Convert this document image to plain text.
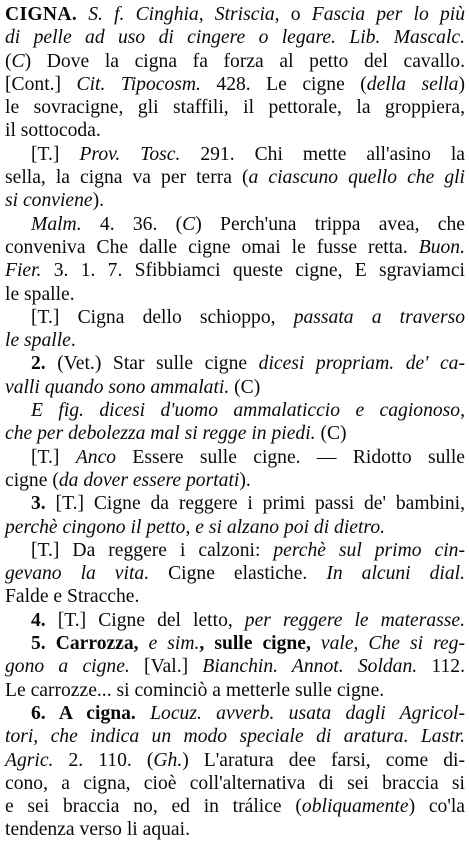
CIGNA. S. f. Cinghia, Striscia, o Fascia per lo più
di pelle ad uso di cingere o legare. Lib. Mascalc.
(C) Dove la cigna fa forza al petto del cavallo.
[Cont.] Cit. Tipocosm. 428. Le cigne (della sella)
le sovracigne, gli staffili, il pettorale, la groppiera,
il sottocoda.
[T.] Prov. Tosc. 291. Chi mette all'asino la
sella, la cigna va per terra (a ciascuno quello che gli
si conviene).
Malm. 4. 36. (C) Perch'una trippa avea, che
conveniva Che dalle cigne omai le fusse retta. Buon.
Fier. 3. 1. 7. Sfibbiamci queste cigne, E sgraviamci
le spalle.
[T.] Cigna dello schioppo, passata a traverso
le spalle.
2. (Vet.) Star sulle cigne dicesi propriam. de' ca-
valli quando sono ammalati. (C)
E fig. dicesi d'uomo ammalaticcio e cagionoso,
che per debolezza mal si regge in piedi. (C)
[T.] Anco Essere sulle cigne. — Ridotto sulle
cigne (da dover essere portati).
3. [T.] Cigne da reggere i primi passi de' bambini,
perchè cingono il petto, e si alzano poi di dietro.
[T.] Da reggere i calzoni: perchè sul primo cin-
gevano la vita. Cigne elastiche. In alcuni dial.
Falde e Stracche.
4. [T.] Cigne del letto, per reggere le materasse.
5. Carrozza, e sim., sulle cigne, vale, Che si reg-
gono a cigne. [Val.] Bianchin. Annot. Soldan. 112.
Le carrozze... si cominciò a metterle sulle cigne.
6. A cigna. Locuz. avverb. usata dagli Agricol-
tori, che indica un modo speciale di aratura. Lastr.
Agric. 2. 110. (Gh.) L'aratura dee farsi, come di-
cono, a cigna, cioè coll'alternativa di sei braccia si
e sei braccia no, ed in trálice (obliquamente) co'la
tendenza verso li aquai.
